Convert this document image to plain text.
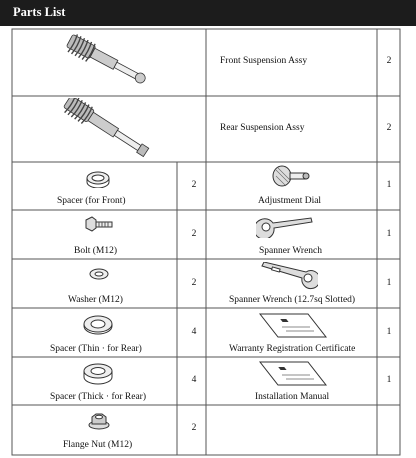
Parts List
Front Suspension Assy	2
Rear Suspension Assy	2
Spacer (for Front)
2
Bolt (M12)
2
Washer (M12)
2
Spacer (Thin · for Rear)
4
Spacer (Thick · for Rear)
4
Flange Nut (M12)
2
Adjustment Dial
1
Spanner Wrench
1
Spanner Wrench (12.7sq Slotted)
1
Warranty Registration Certificate
1
Installation Manual
1
